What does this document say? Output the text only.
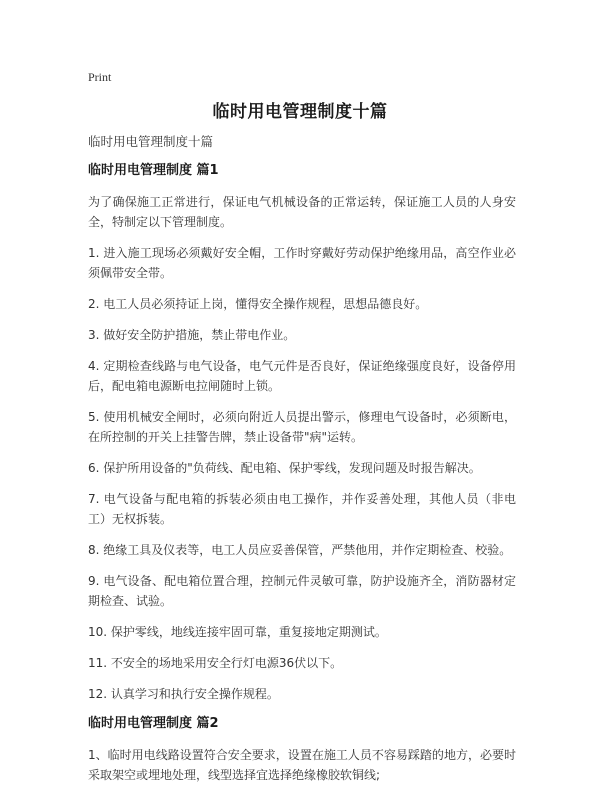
Print
临时用电管理制度十篇
临时用电管理制度十篇
临时用电管理制度 篇1

为了确保施工正常进行，保证电气机械设备的正常运转，保证施工人员的人身安全，特制定以下管理制度。

1. 进入施工现场必须戴好安全帽，工作时穿戴好劳动保护绝缘用品，高空作业必须佩带安全带。

2. 电工人员必须持证上岗，懂得安全操作规程，思想品德良好。

3. 做好安全防护措施，禁止带电作业。

4. 定期检查线路与电气设备，电气元件是否良好，保证绝缘强度良好，设备停用后，配电箱电源断电拉闸随时上锁。

5. 使用机械安全闸时，必须向附近人员提出警示，修理电气设备时，必须断电，在所控制的开关上挂警告牌，禁止设备带"病"运转。

6. 保护所用设备的"负荷线、配电箱、保护零线，发现问题及时报告解决。

7. 电气设备与配电箱的拆装必须由电工操作，并作妥善处理，其他人员（非电工）无权拆装。

8. 绝缘工具及仪表等，电工人员应妥善保管，严禁他用，并作定期检查、校验。

9. 电气设备、配电箱位置合理，控制元件灵敏可靠，防护设施齐全，消防器材定期检查、试验。

10. 保护零线，地线连接牢固可靠，重复接地定期测试。

11. 不安全的场地采用安全行灯电源36伏以下。

12. 认真学习和执行安全操作规程。

临时用电管理制度 篇2

1、临时用电线路设置符合安全要求，设置在施工人员不容易踩踏的地方，必要时采取架空或埋地处理，线型选择宜选择绝缘橡胶软铜线;
